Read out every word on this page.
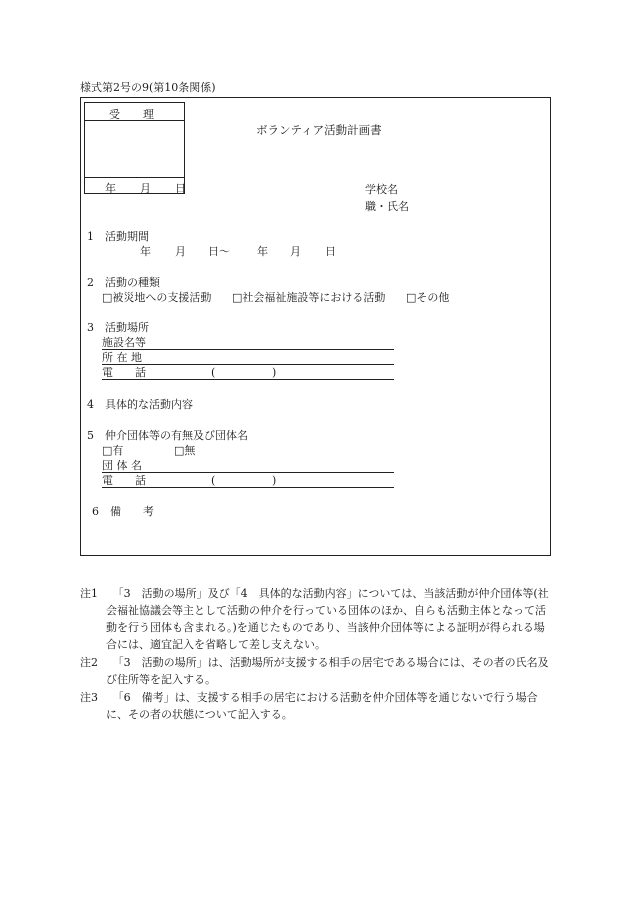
様式第2号の9(第10条関係)
受　理
年 月 日
ボランティア活動計画書
学校名
職・氏名
1　活動期間
年 月 日〜 年 月 日
2　活動の種類
□被災地への支援活動 □社会福祉施設等における活動 □その他
3　活動場所
施設名等
所 在 地
電　　話	(	)
4　具体的な活動内容
5　仲介団体等の有無及び団体名
□有	□無
団 体 名
電　　話	(	)
6　備　　考
注1	「3　活動の場所」及び「4　具体的な活動内容」については、当該活動が仲介団体等(社会福祉協議会等主として活動の仲介を行っている団体のほか、自らも活動主体となって活動を行う団体も含まれる。)を通じたものであり、当該仲介団体等による証明が得られる場合には、適宜記入を省略して差し支えない。
注2	「3　活動の場所」は、活動場所が支援する相手の居宅である場合には、その者の氏名及び住所等を記入する。
注3	「6　備考」は、支援する相手の居宅における活動を仲介団体等を通じないで行う場合に、その者の状態について記入する。
